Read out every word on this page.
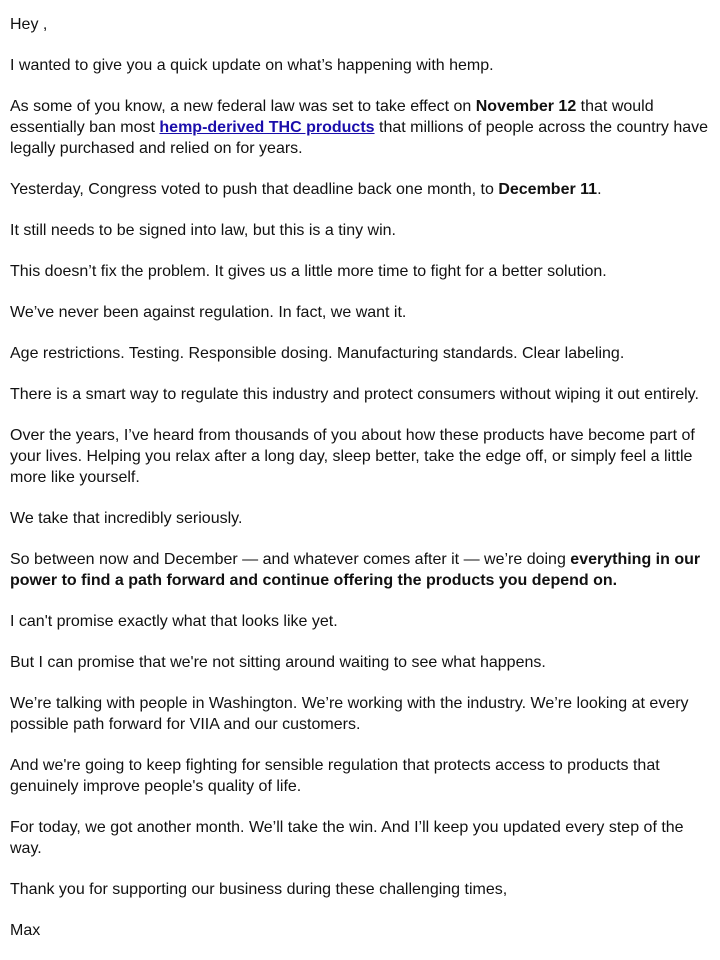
Hey ,

I wanted to give you a quick update on what’s happening with hemp.

As some of you know, a new federal law was set to take effect on November 12 that would essentially ban most hemp-derived THC products that millions of people across the country have legally purchased and relied on for years.

Yesterday, Congress voted to push that deadline back one month, to December 11.

It still needs to be signed into law, but this is a tiny win.

This doesn’t fix the problem. It gives us a little more time to fight for a better solution.

We’ve never been against regulation. In fact, we want it.

Age restrictions. Testing. Responsible dosing. Manufacturing standards. Clear labeling.

There is a smart way to regulate this industry and protect consumers without wiping it out entirely.

Over the years, I’ve heard from thousands of you about how these products have become part of your lives. Helping you relax after a long day, sleep better, take the edge off, or simply feel a little more like yourself.

We take that incredibly seriously.

So between now and December — and whatever comes after it — we’re doing everything in our power to find a path forward and continue offering the products you depend on.

I can't promise exactly what that looks like yet.

But I can promise that we're not sitting around waiting to see what happens.

We’re talking with people in Washington. We’re working with the industry. We’re looking at every possible path forward for VIIA and our customers.

And we're going to keep fighting for sensible regulation that protects access to products that genuinely improve people's quality of life.

For today, we got another month. We’ll take the win. And I’ll keep you updated every step of the way.

Thank you for supporting our business during these challenging times,

Max
